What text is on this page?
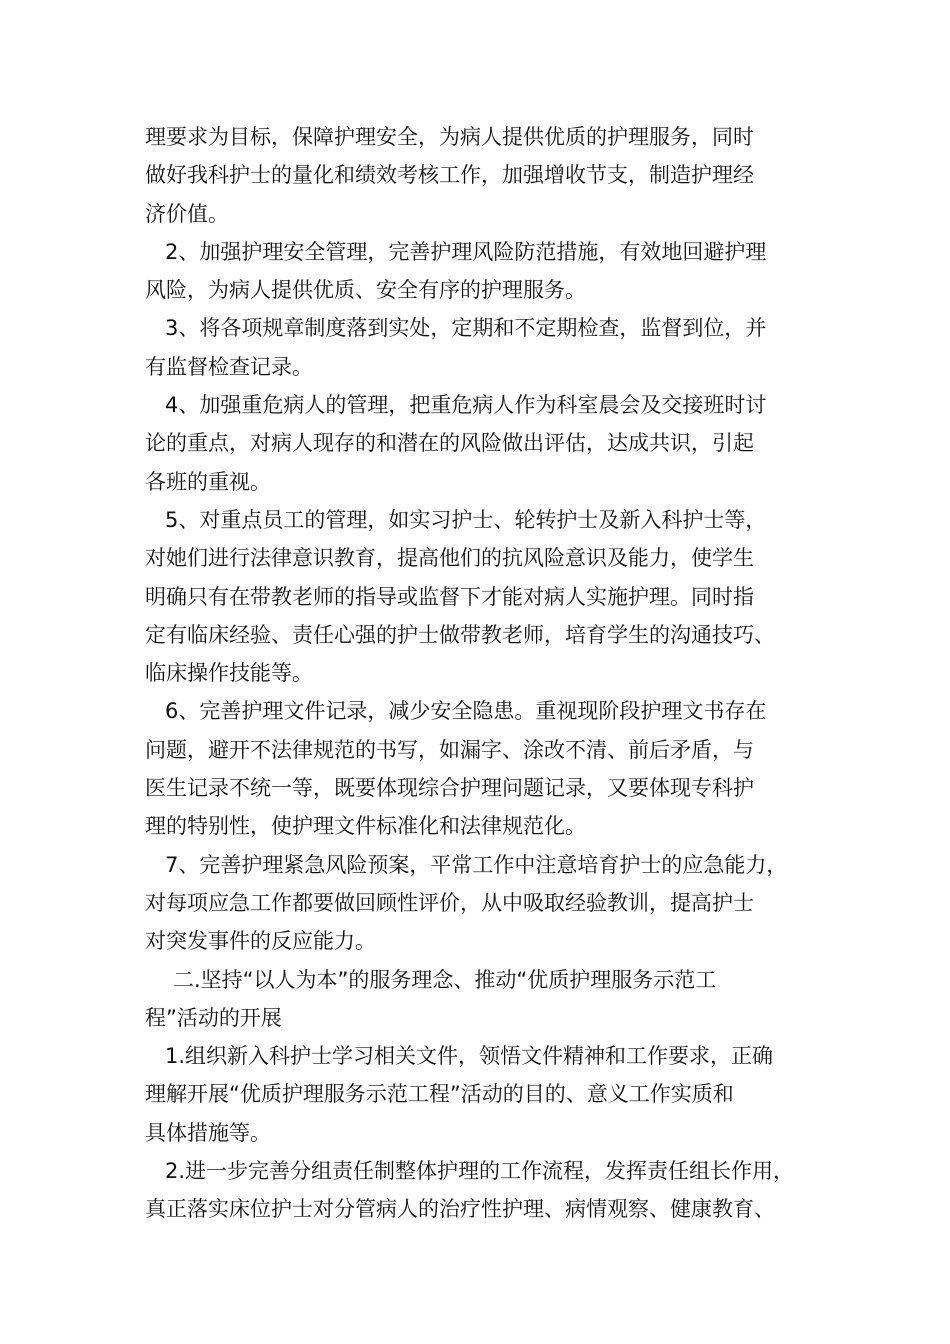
理要求为目标，保障护理安全，为病人提供优质的护理服务，同时
做好我科护士的量化和绩效考核工作，加强增收节支，制造护理经
济价值。
2、加强护理安全管理，完善护理风险防范措施，有效地回避护理
风险，为病人提供优质、安全有序的护理服务。
3、将各项规章制度落到实处，定期和不定期检查，监督到位，并
有监督检查记录。
4、加强重危病人的管理，把重危病人作为科室晨会及交接班时讨
论的重点，对病人现存的和潜在的风险做出评估，达成共识，引起
各班的重视。
5、对重点员工的管理，如实习护士、轮转护士及新入科护士等，
对她们进行法律意识教育，提高他们的抗风险意识及能力，使学生
明确只有在带教老师的指导或监督下才能对病人实施护理。同时指
定有临床经验、责任心强的护士做带教老师，培育学生的沟通技巧、
临床操作技能等。
6、完善护理文件记录，减少安全隐患。重视现阶段护理文书存在
问题，避开不法律规范的书写，如漏字、涂改不清、前后矛盾，与
医生记录不统一等，既要体现综合护理问题记录，又要体现专科护
理的特别性，使护理文件标准化和法律规范化。
7、完善护理紧急风险预案，平常工作中注意培育护士的应急能力，
对每项应急工作都要做回顾性评价，从中吸取经验教训，提高护士
对突发事件的反应能力。
二.坚持“以人为本”的服务理念、推动“优质护理服务示范工
程”活动的开展
1.组织新入科护士学习相关文件，领悟文件精神和工作要求，正确
理解开展“优质护理服务示范工程”活动的目的、意义工作实质和
具体措施等。
2.进一步完善分组责任制整体护理的工作流程，发挥责任组长作用，
真正落实床位护士对分管病人的治疗性护理、病情观察、健康教育、
